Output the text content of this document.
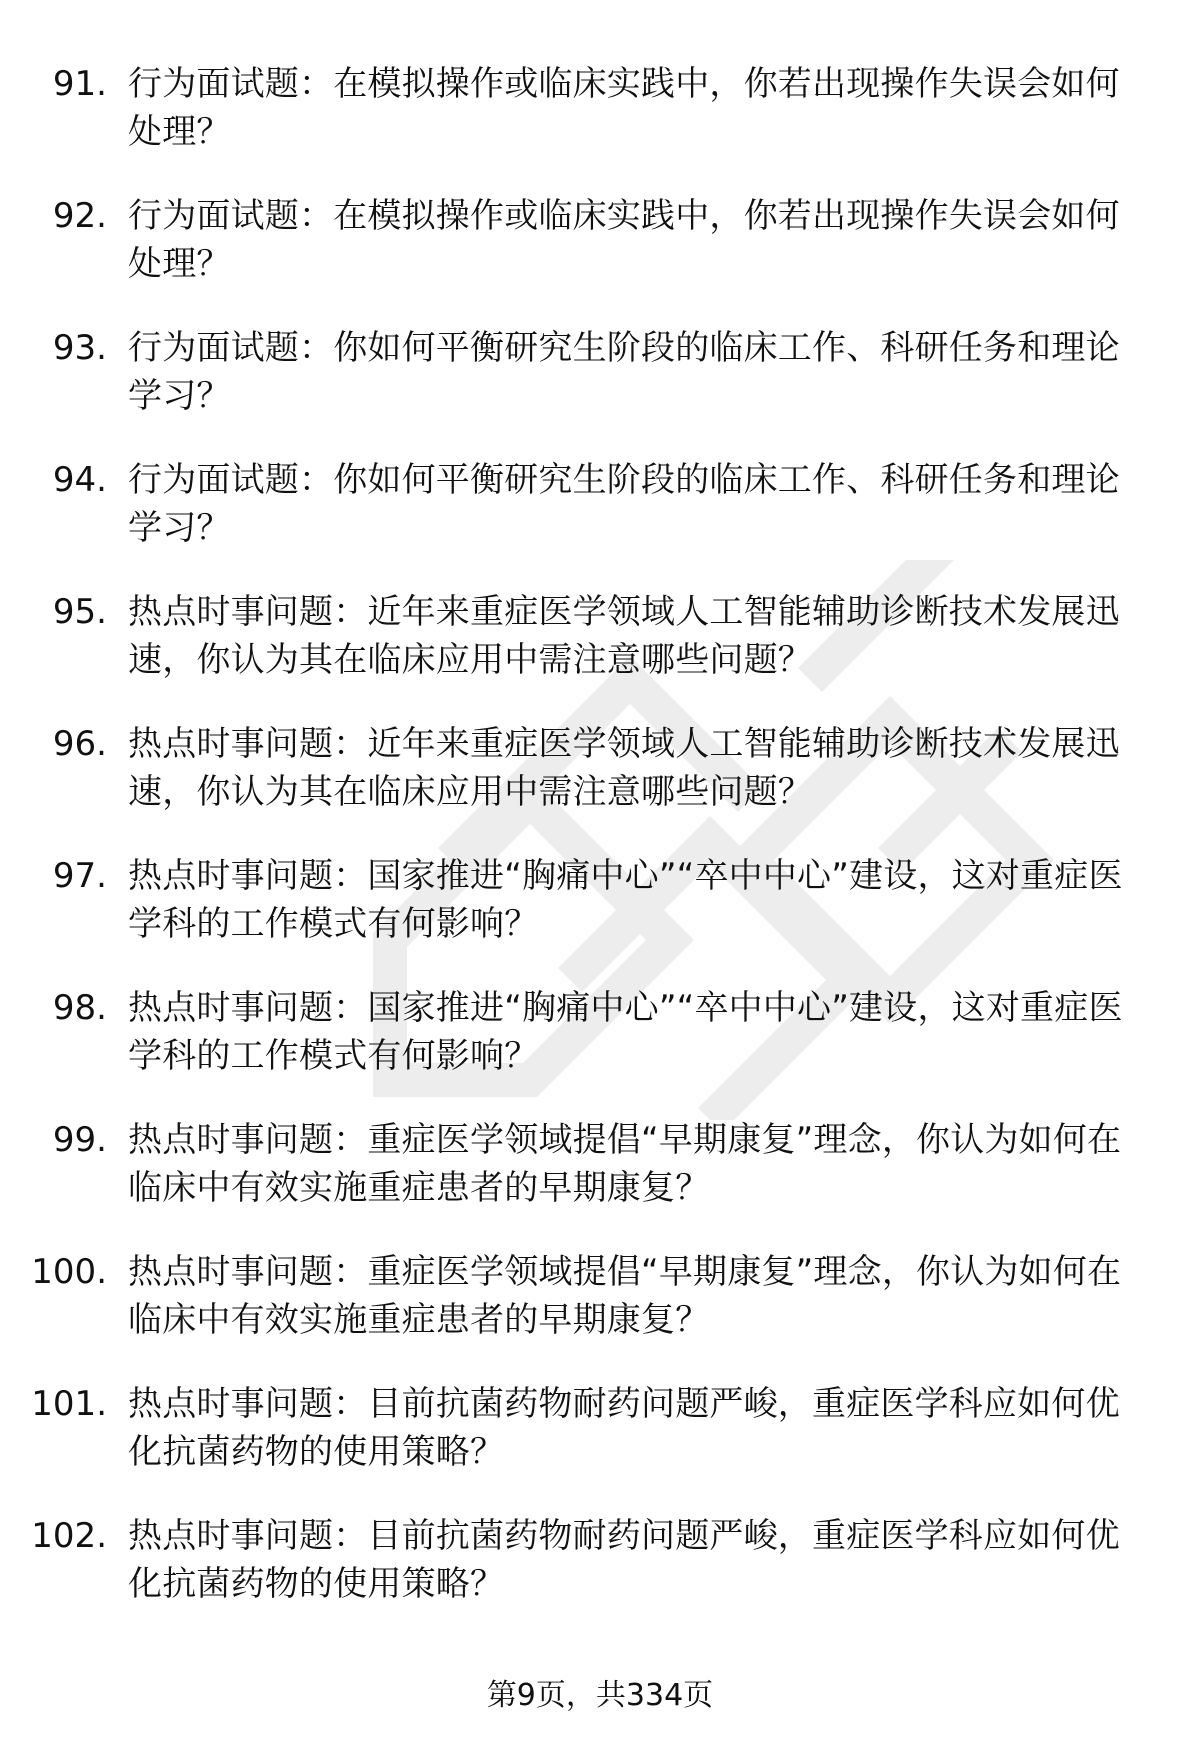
91. 行为面试题：在模拟操作或临床实践中，你若出现操作失误会如何处理？
92. 行为面试题：在模拟操作或临床实践中，你若出现操作失误会如何处理？
93. 行为面试题：你如何平衡研究生阶段的临床工作、科研任务和理论学习？
94. 行为面试题：你如何平衡研究生阶段的临床工作、科研任务和理论学习？
95. 热点时事问题：近年来重症医学领域人工智能辅助诊断技术发展迅速，你认为其在临床应用中需注意哪些问题？
96. 热点时事问题：近年来重症医学领域人工智能辅助诊断技术发展迅速，你认为其在临床应用中需注意哪些问题？
97. 热点时事问题：国家推进“胸痛中心”“卒中中心”建设，这对重症医学科的工作模式有何影响？
98. 热点时事问题：国家推进“胸痛中心”“卒中中心”建设，这对重症医学科的工作模式有何影响？
99. 热点时事问题：重症医学领域提倡“早期康复”理念，你认为如何在临床中有效实施重症患者的早期康复？
100. 热点时事问题：重症医学领域提倡“早期康复”理念，你认为如何在临床中有效实施重症患者的早期康复？
101. 热点时事问题：目前抗菌药物耐药问题严峻，重症医学科应如何优化抗菌药物的使用策略？
102. 热点时事问题：目前抗菌药物耐药问题严峻，重症医学科应如何优化抗菌药物的使用策略？
第9页，共334页
